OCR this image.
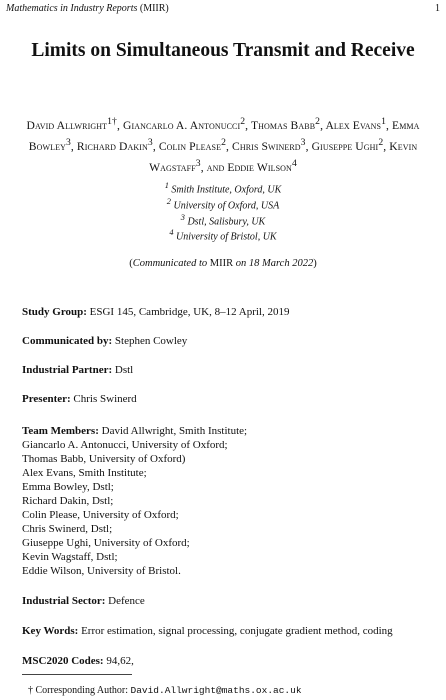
Mathematics in Industry Reports (MIIR)	1
Limits on Simultaneous Transmit and Receive
David Allwright$^{1\dagger}$, Giancarlo A. Antonucci$^2$, Thomas Babb$^2$, Alex Evans$^1$, Emma Bowley$^3$, Richard Dakin$^3$, Colin Please$^2$, Chris Swinerd$^3$, Giuseppe Ughi$^2$, Kevin Wagstaff$^3$, and Eddie Wilson$^4$
$^1$ Smith Institute, Oxford, UK
$^2$ University of Oxford, USA
$^3$ Dstl, Salisbury, UK
$^4$ University of Bristol, UK
(Communicated to MIIR on 18 March 2022)
Study Group: ESGI 145, Cambridge, UK, 8–12 April, 2019
Communicated by: Stephen Cowley
Industrial Partner: Dstl
Presenter: Chris Swinerd
Team Members: David Allwright, Smith Institute;
Giancarlo A. Antonucci, University of Oxford;
Thomas Babb, University of Oxford)
Alex Evans, Smith Institute;
Emma Bowley, Dstl;
Richard Dakin, Dstl;
Colin Please, University of Oxford;
Chris Swinerd, Dstl;
Giuseppe Ughi, University of Oxford;
Kevin Wagstaff, Dstl;
Eddie Wilson, University of Bristol.
Industrial Sector: Defence
Key Words: Error estimation, signal processing, conjugate gradient method, coding
MSC2020 Codes: 94,62,
† Corresponding Author: David.Allwright@maths.ox.ac.uk
